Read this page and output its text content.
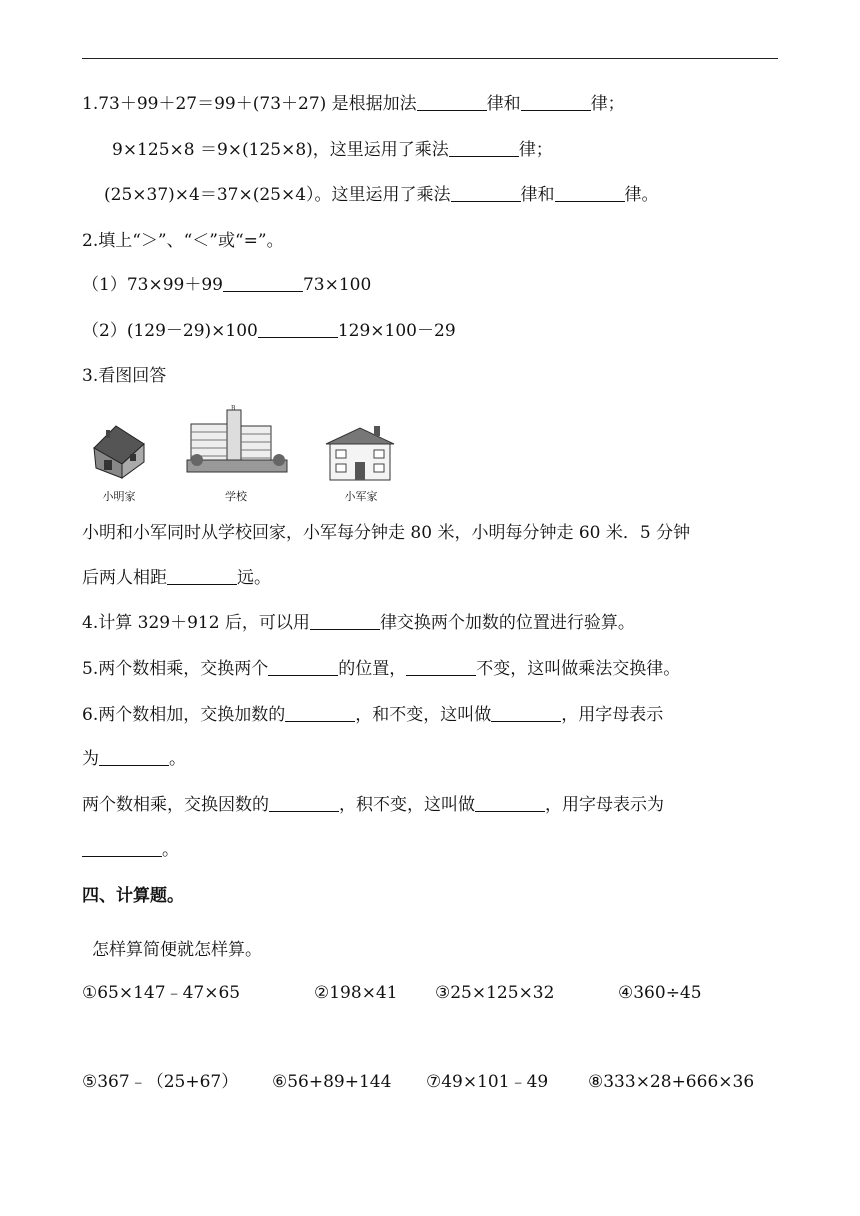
1.73＋99＋27＝99＋(73＋27) 是根据加法	律和	律；
9×125×8 ＝9×(125×8)，这里运用了乘法	律；
(25×37)×4＝37×(25×4）。这里运用了乘法	律和	律。
2.填上“＞”、“＜”或“=”。
（1）73×99＋99	73×100
（2）(129－29)×100	129×100－29
3.看图回答
小明家
B
学校	小军家
小明和小军同时从学校回家，小军每分钟走 80 米，小明每分钟走 60 米．5 分钟
后两人相距	远。
4.计算 329＋912 后，可以用	律交换两个加数的位置进行验算。
5.两个数相乘，交换两个	的位置，	不变，这叫做乘法交换律。
6.两个数相加，交换加数的	，和不变，这叫做	，用字母表示
为	。
两个数相乘，交换因数的	，积不变，这叫做	，用字母表示为
。
四、计算题。
怎样算简便就怎样算。
①65×147﹣47×65	②198×41 ③25×125×32	④360÷45
⑤367﹣（25+67） ⑥56+89+144 ⑦49×101﹣49 ⑧333×28+666×36
